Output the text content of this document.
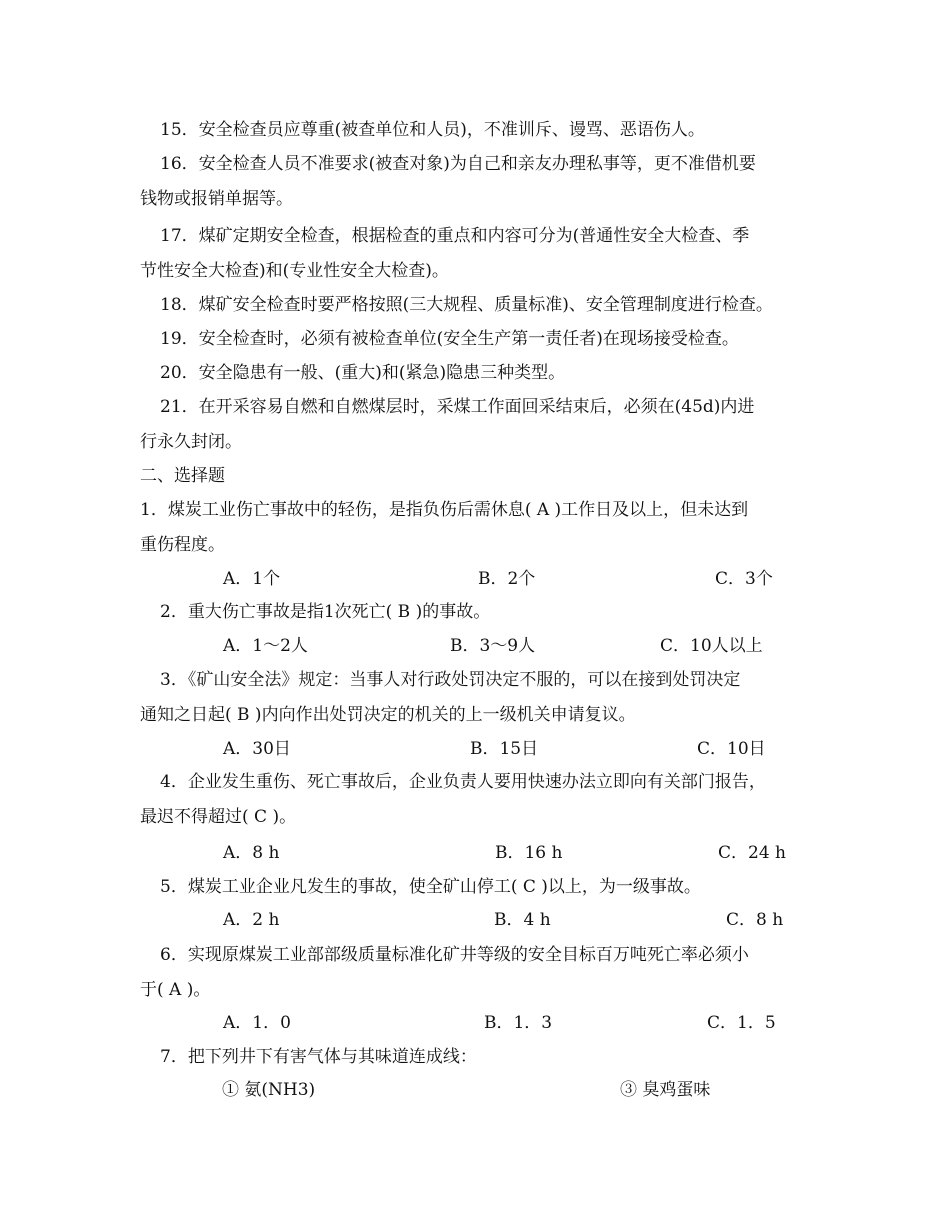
15．安全检查员应尊重(被查单位和人员)，不准训斥、谩骂、恶语伤人。
16．安全检查人员不准要求(被查对象)为自己和亲友办理私事等，更不准借机要
钱物或报销单据等。
17．煤矿定期安全检查，根据检查的重点和内容可分为(普通性安全大检查、季
节性安全大检查)和(专业性安全大检查)。
18．煤矿安全检查时要严格按照(三大规程、质量标准)、安全管理制度进行检查。
19．安全检查时，必须有被检查单位(安全生产第一责任者)在现场接受检查。
20．安全隐患有一般、(重大)和(紧急)隐患三种类型。
21．在开采容易自燃和自燃煤层时，采煤工作面回采结束后，必须在(45d)内进
行永久封闭。
二、选择题
1．煤炭工业伤亡事故中的轻伤，是指负伤后需休息( A )工作日及以上，但未达到
重伤程度。
A．1个	B．2个	C．3个
2．重大伤亡事故是指1次死亡( B )的事故。
A．1～2人	B．3～9人	C．10人以上
3．《矿山安全法》规定：当事人对行政处罚决定不服的，可以在接到处罚决定
通知之日起( B )内向作出处罚决定的机关的上一级机关申请复议。
A．30日	B．15日	C．10日
4．企业发生重伤、死亡事故后，企业负责人要用快速办法立即向有关部门报告，
最迟不得超过( C )。
A．8 h	B．16 h	C．24 h
5．煤炭工业企业凡发生的事故，使全矿山停工( C )以上，为一级事故。
A．2 h	B．4 h	C．8 h
6．实现原煤炭工业部部级质量标准化矿井等级的安全目标百万吨死亡率必须小
于( A )。
A．1．0	B．1．3	C．1．5
7．把下列井下有害气体与其味道连成线：
① 氨(NH3)	③ 臭鸡蛋味
